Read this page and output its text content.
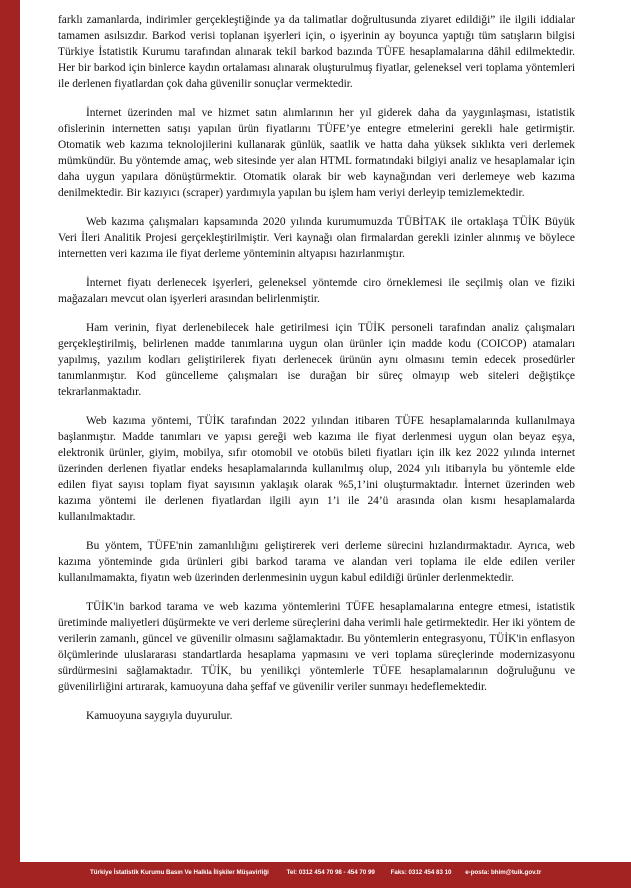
farklı zamanlarda, indirimler gerçekleştiğinde ya da talimatlar doğrultusunda ziyaret edildiği” ile ilgili iddialar tamamen asılsızdır. Barkod verisi toplanan işyerleri için, o işyerinin ay boyunca yaptığı tüm satışların bilgisi Türkiye İstatistik Kurumu tarafından alınarak tekil barkod bazında TÜFE hesaplamalarına dâhil edilmektedir. Her bir barkod için binlerce kaydın ortalaması alınarak oluşturulmuş fiyatlar, geleneksel veri toplama yöntemleri ile derlenen fiyatlardan çok daha güvenilir sonuçlar vermektedir.

İnternet üzerinden mal ve hizmet satın alımlarının her yıl giderek daha da yaygınlaşması, istatistik ofislerinin internetten satışı yapılan ürün fiyatlarını TÜFE’ye entegre etmelerini gerekli hale getirmiştir. Otomatik web kazıma teknolojilerini kullanarak günlük, saatlik ve hatta daha yüksek sıklıkta veri derlemek mümkündür. Bu yöntemde amaç, web sitesinde yer alan HTML formatındaki bilgiyi analiz ve hesaplamalar için daha uygun yapılara dönüştürmektir. Otomatik olarak bir web kaynağından veri derlemeye web kazıma denilmektedir. Bir kazıyıcı (scraper) yardımıyla yapılan bu işlem ham veriyi derleyip temizlemektedir.

Web kazıma çalışmaları kapsamında 2020 yılında kurumumuzda TÜBİTAK ile ortaklaşa TÜİK Büyük Veri İleri Analitik Projesi gerçekleştirilmiştir. Veri kaynağı olan firmalardan gerekli izinler alınmış ve böylece internetten veri kazıma ile fiyat derleme yönteminin altyapısı hazırlanmıştır.

İnternet fiyatı derlenecek işyerleri, geleneksel yöntemde ciro örneklemesi ile seçilmiş olan ve fiziki mağazaları mevcut olan işyerleri arasından belirlenmiştir.

Ham verinin, fiyat derlenebilecek hale getirilmesi için TÜİK personeli tarafından analiz çalışmaları gerçekleştirilmiş, belirlenen madde tanımlarına uygun olan ürünler için madde kodu (COICOP) atamaları yapılmış, yazılım kodları geliştirilerek fiyatı derlenecek ürünün aynı olmasını temin edecek prosedürler tanımlanmıştır. Kod güncelleme çalışmaları ise durağan bir süreç olmayıp web siteleri değiştikçe tekrarlanmaktadır.

Web kazıma yöntemi, TÜİK tarafından 2022 yılından itibaren TÜFE hesaplamalarında kullanılmaya başlanmıştır. Madde tanımları ve yapısı gereği web kazıma ile fiyat derlenmesi uygun olan beyaz eşya, elektronik ürünler, giyim, mobilya, sıfır otomobil ve otobüs bileti fiyatları için ilk kez 2022 yılında internet üzerinden derlenen fiyatlar endeks hesaplamalarında kullanılmış olup, 2024 yılı itibarıyla bu yöntemle elde edilen fiyat sayısı toplam fiyat sayısının yaklaşık olarak %5,1’ini oluşturmaktadır. İnternet üzerinden web kazıma yöntemi ile derlenen fiyatlardan ilgili ayın 1’i ile 24’ü arasında olan kısmı hesaplamalarda kullanılmaktadır.

Bu yöntem, TÜFE'nin zamanlılığını geliştirerek veri derleme sürecini hızlandırmaktadır. Ayrıca, web kazıma yönteminde gıda ürünleri gibi barkod tarama ve alandan veri toplama ile elde edilen veriler kullanılmamakta, fiyatın web üzerinden derlenmesinin uygun kabul edildiği ürünler derlenmektedir.

TÜİK'in barkod tarama ve web kazıma yöntemlerini TÜFE hesaplamalarına entegre etmesi, istatistik üretiminde maliyetleri düşürmekte ve veri derleme süreçlerini daha verimli hale getirmektedir. Her iki yöntem de verilerin zamanlı, güncel ve güvenilir olmasını sağlamaktadır. Bu yöntemlerin entegrasyonu, TÜİK'in enflasyon ölçümlerinde uluslararası standartlarda hesaplama yapmasını ve veri toplama süreçlerinde modernizasyonu sürdürmesini sağlamaktadır. TÜİK, bu yenilikçi yöntemlerle TÜFE hesaplamalarının doğruluğunu ve güvenilirliğini artırarak, kamuoyuna daha şeffaf ve güvenilir veriler sunmayı hedeflemektedir.

Kamuoyuna saygıyla duyurulur.

Türkiye İstatistik Kurumu Basın Ve Halkla İlişkiler Müşavirliği	Tel: 0312 454 70 98 - 454 70 99	Faks: 0312 454 83 10 e-posta: bhim@tuik.gov.tr
